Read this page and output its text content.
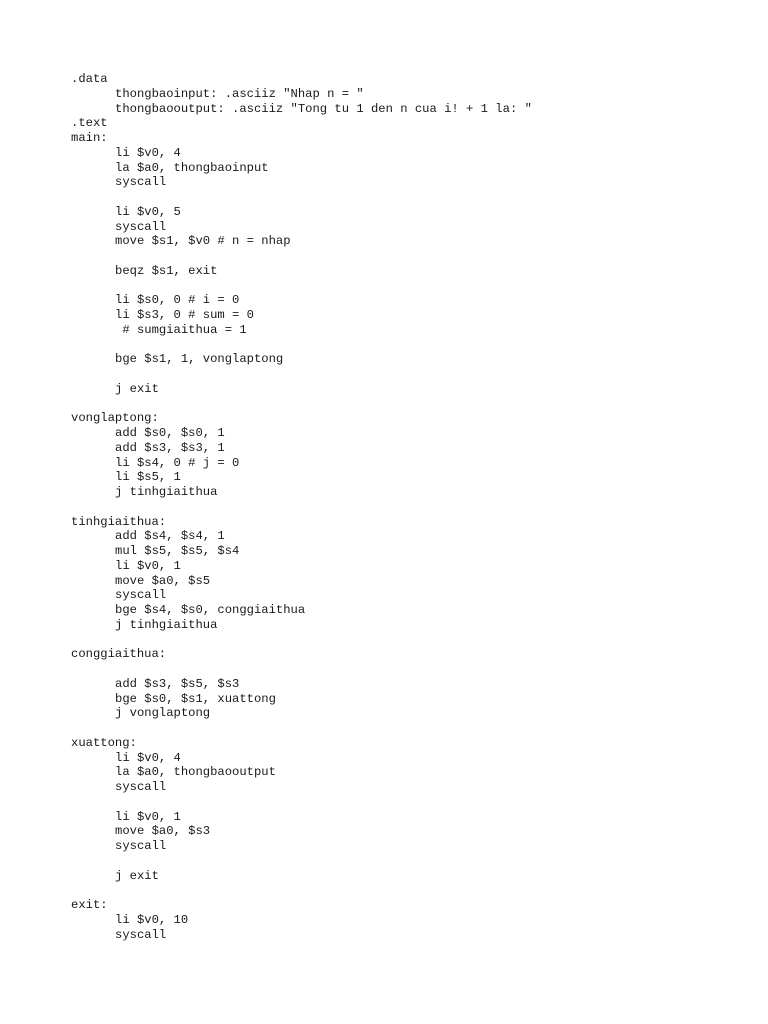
.data
thongbaoinput: .asciiz "Nhap n = "
thongbaooutput: .asciiz "Tong tu 1 den n cua i! + 1 la: "
.text
main:
li $v0, 4
la $a0, thongbaoinput
syscall
li $v0, 5
syscall
move $s1, $v0 # n = nhap
beqz $s1, exit
li $s0, 0 # i = 0
li $s3, 0 # sum = 0
# sumgiaithua = 1
bge $s1, 1, vonglaptong
j exit
vonglaptong:
add $s0, $s0, 1
add $s3, $s3, 1
li $s4, 0 # j = 0
li $s5, 1
j tinhgiaithua
tinhgiaithua:
add $s4, $s4, 1
mul $s5, $s5, $s4
li $v0, 1
move $a0, $s5
syscall
bge $s4, $s0, conggiaithua
j tinhgiaithua
conggiaithua:
add $s3, $s5, $s3
bge $s0, $s1, xuattong
j vonglaptong
xuattong:
li $v0, 4
la $a0, thongbaooutput
syscall
li $v0, 1
move $a0, $s3
syscall
j exit
exit:
li $v0, 10
syscall
